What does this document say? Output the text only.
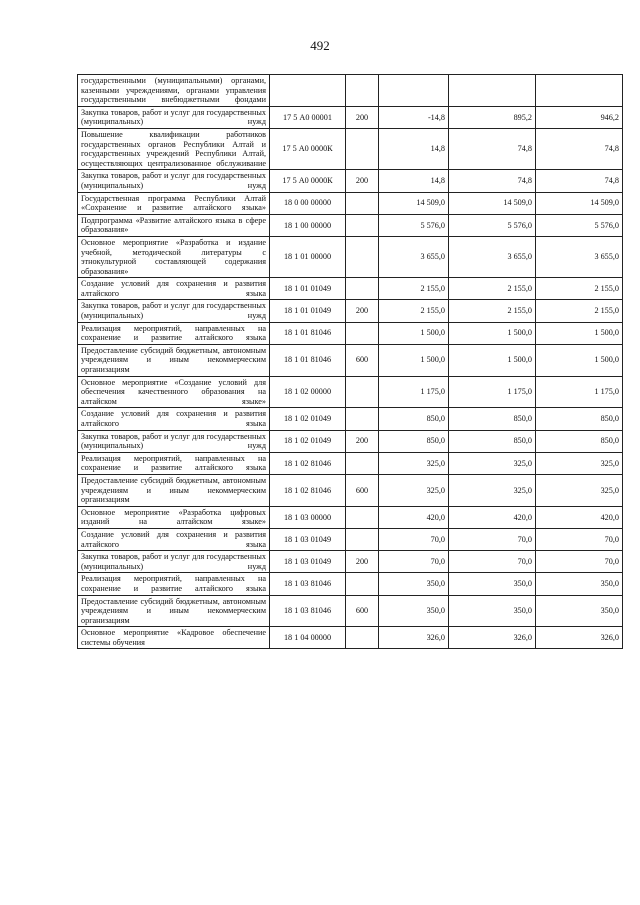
492
государственными (муниципальными) органами, казенными учреждениями, органами управления государственными внебюджетными фондами					
Закупка товаров, работ и услуг для государственных (муниципальных) нужд	17 5 А0 00001	200	-14,8	895,2	946,2
Повышение квалификации работников государственных органов Республики Алтай и государственных учреждений Республики Алтай, осуществляющих централизованное обслуживание	17 5 А0 0000К		14,8	74,8	74,8
Закупка товаров, работ и услуг для государственных (муниципальных) нужд	17 5 А0 0000К	200	14,8	74,8	74,8
Государственная программа Республики Алтай «Сохранение и развитие алтайского языка»	18 0 00 00000		14 509,0	14 509,0	14 509,0
Подпрограмма «Развитие алтайского языка в сфере образования»	18 1 00 00000		5 576,0	5 576,0	5 576,0
Основное мероприятие «Разработка и издание учебной, методической литературы с этнокультурной составляющей содержания образования»	18 1 01 00000		3 655,0	3 655,0	3 655,0
Создание условий для сохранения и развития алтайского языка	18 1 01 01049		2 155,0	2 155,0	2 155,0
Закупка товаров, работ и услуг для государственных (муниципальных) нужд	18 1 01 01049	200	2 155,0	2 155,0	2 155,0
Реализация мероприятий, направленных на сохранение и развитие алтайского языка	18 1 01 81046		1 500,0	1 500,0	1 500,0
Предоставление субсидий бюджетным, автономным учреждениям и иным некоммерческим организациям	18 1 01 81046	600	1 500,0	1 500,0	1 500,0
Основное мероприятие «Создание условий для обеспечения качественного образования на алтайском языке»	18 1 02 00000		1 175,0	1 175,0	1 175,0
Создание условий для сохранения и развития алтайского языка	18 1 02 01049		850,0	850,0	850,0
Закупка товаров, работ и услуг для государственных (муниципальных) нужд	18 1 02 01049	200	850,0	850,0	850,0
Реализация мероприятий, направленных на сохранение и развитие алтайского языка	18 1 02 81046		325,0	325,0	325,0
Предоставление субсидий бюджетным, автономным учреждениям и иным некоммерческим организациям	18 1 02 81046	600	325,0	325,0	325,0
Основное мероприятие «Разработка цифровых изданий на алтайском языке»	18 1 03 00000		420,0	420,0	420,0
Создание условий для сохранения и развития алтайского языка	18 1 03 01049		70,0	70,0	70,0
Закупка товаров, работ и услуг для государственных (муниципальных) нужд	18 1 03 01049	200	70,0	70,0	70,0
Реализация мероприятий, направленных на сохранение и развитие алтайского языка	18 1 03 81046		350,0	350,0	350,0
Предоставление субсидий бюджетным, автономным учреждениям и иным некоммерческим организациям	18 1 03 81046	600	350,0	350,0	350,0
Основное мероприятие «Кадровое обеспечение системы обучения	18 1 04 00000		326,0	326,0	326,0
